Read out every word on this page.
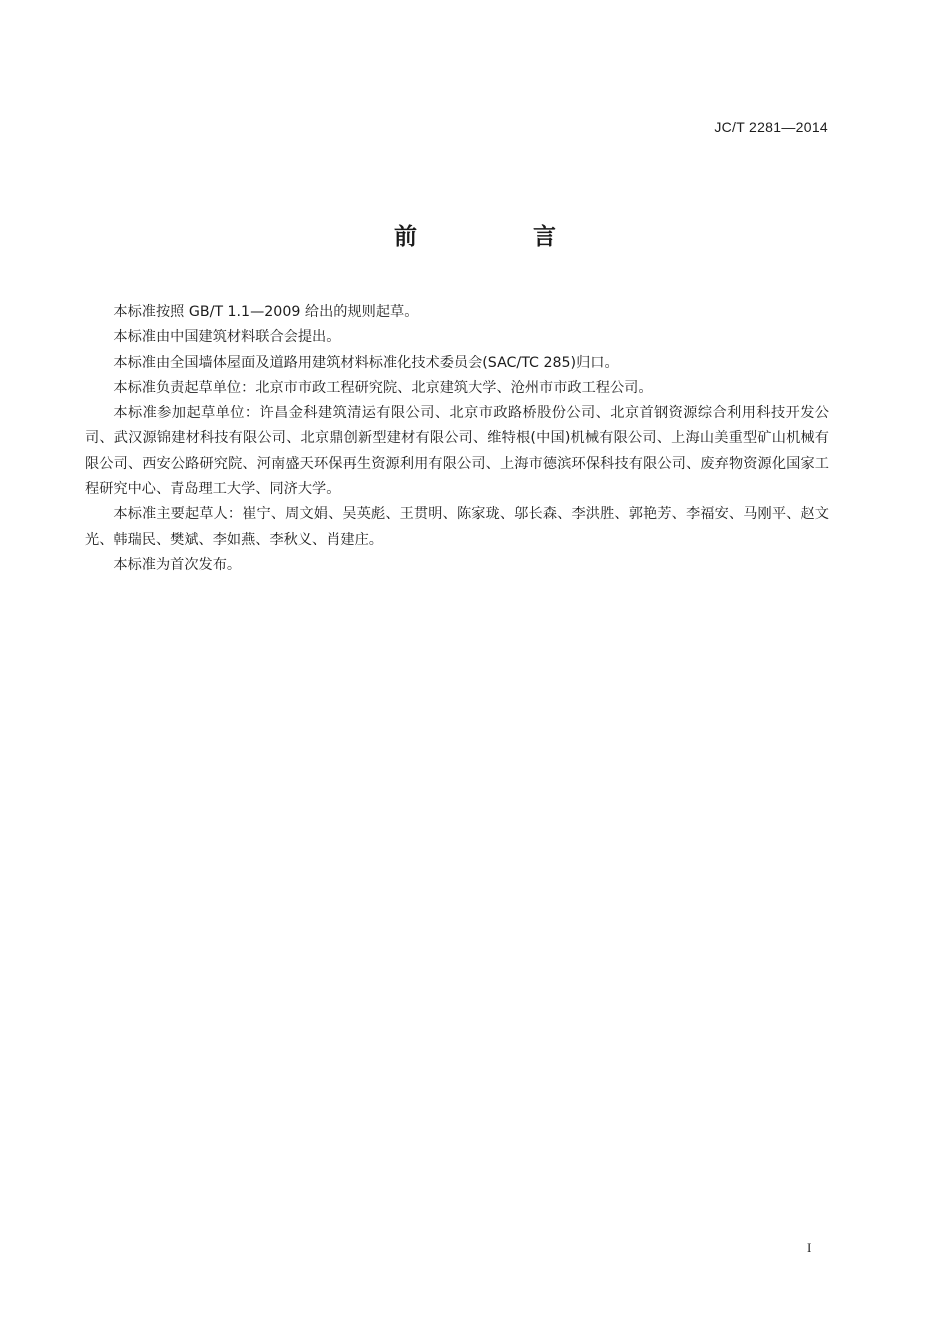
JC/T 2281—2014
前 言

本标准按照 GB/T 1.1—2009 给出的规则起草。

本标准由中国建筑材料联合会提出。

本标准由全国墙体屋面及道路用建筑材料标准化技术委员会(SAC/TC 285)归口。

本标准负责起草单位：北京市市政工程研究院、北京建筑大学、沧州市市政工程公司。

本标准参加起草单位：许昌金科建筑清运有限公司、北京市政路桥股份公司、北京首钢资源综合利用科技开发公司、武汉源锦建材科技有限公司、北京鼎创新型建材有限公司、维特根(中国)机械有限公司、上海山美重型矿山机械有限公司、西安公路研究院、河南盛天环保再生资源利用有限公司、上海市德滨环保科技有限公司、废弃物资源化国家工程研究中心、青岛理工大学、同济大学。

本标准主要起草人：崔宁、周文娟、吴英彪、王贯明、陈家珑、邬长森、李洪胜、郭艳芳、李福安、马刚平、赵文光、韩瑞民、樊斌、李如燕、李秋义、肖建庄。

本标准为首次发布。

I
